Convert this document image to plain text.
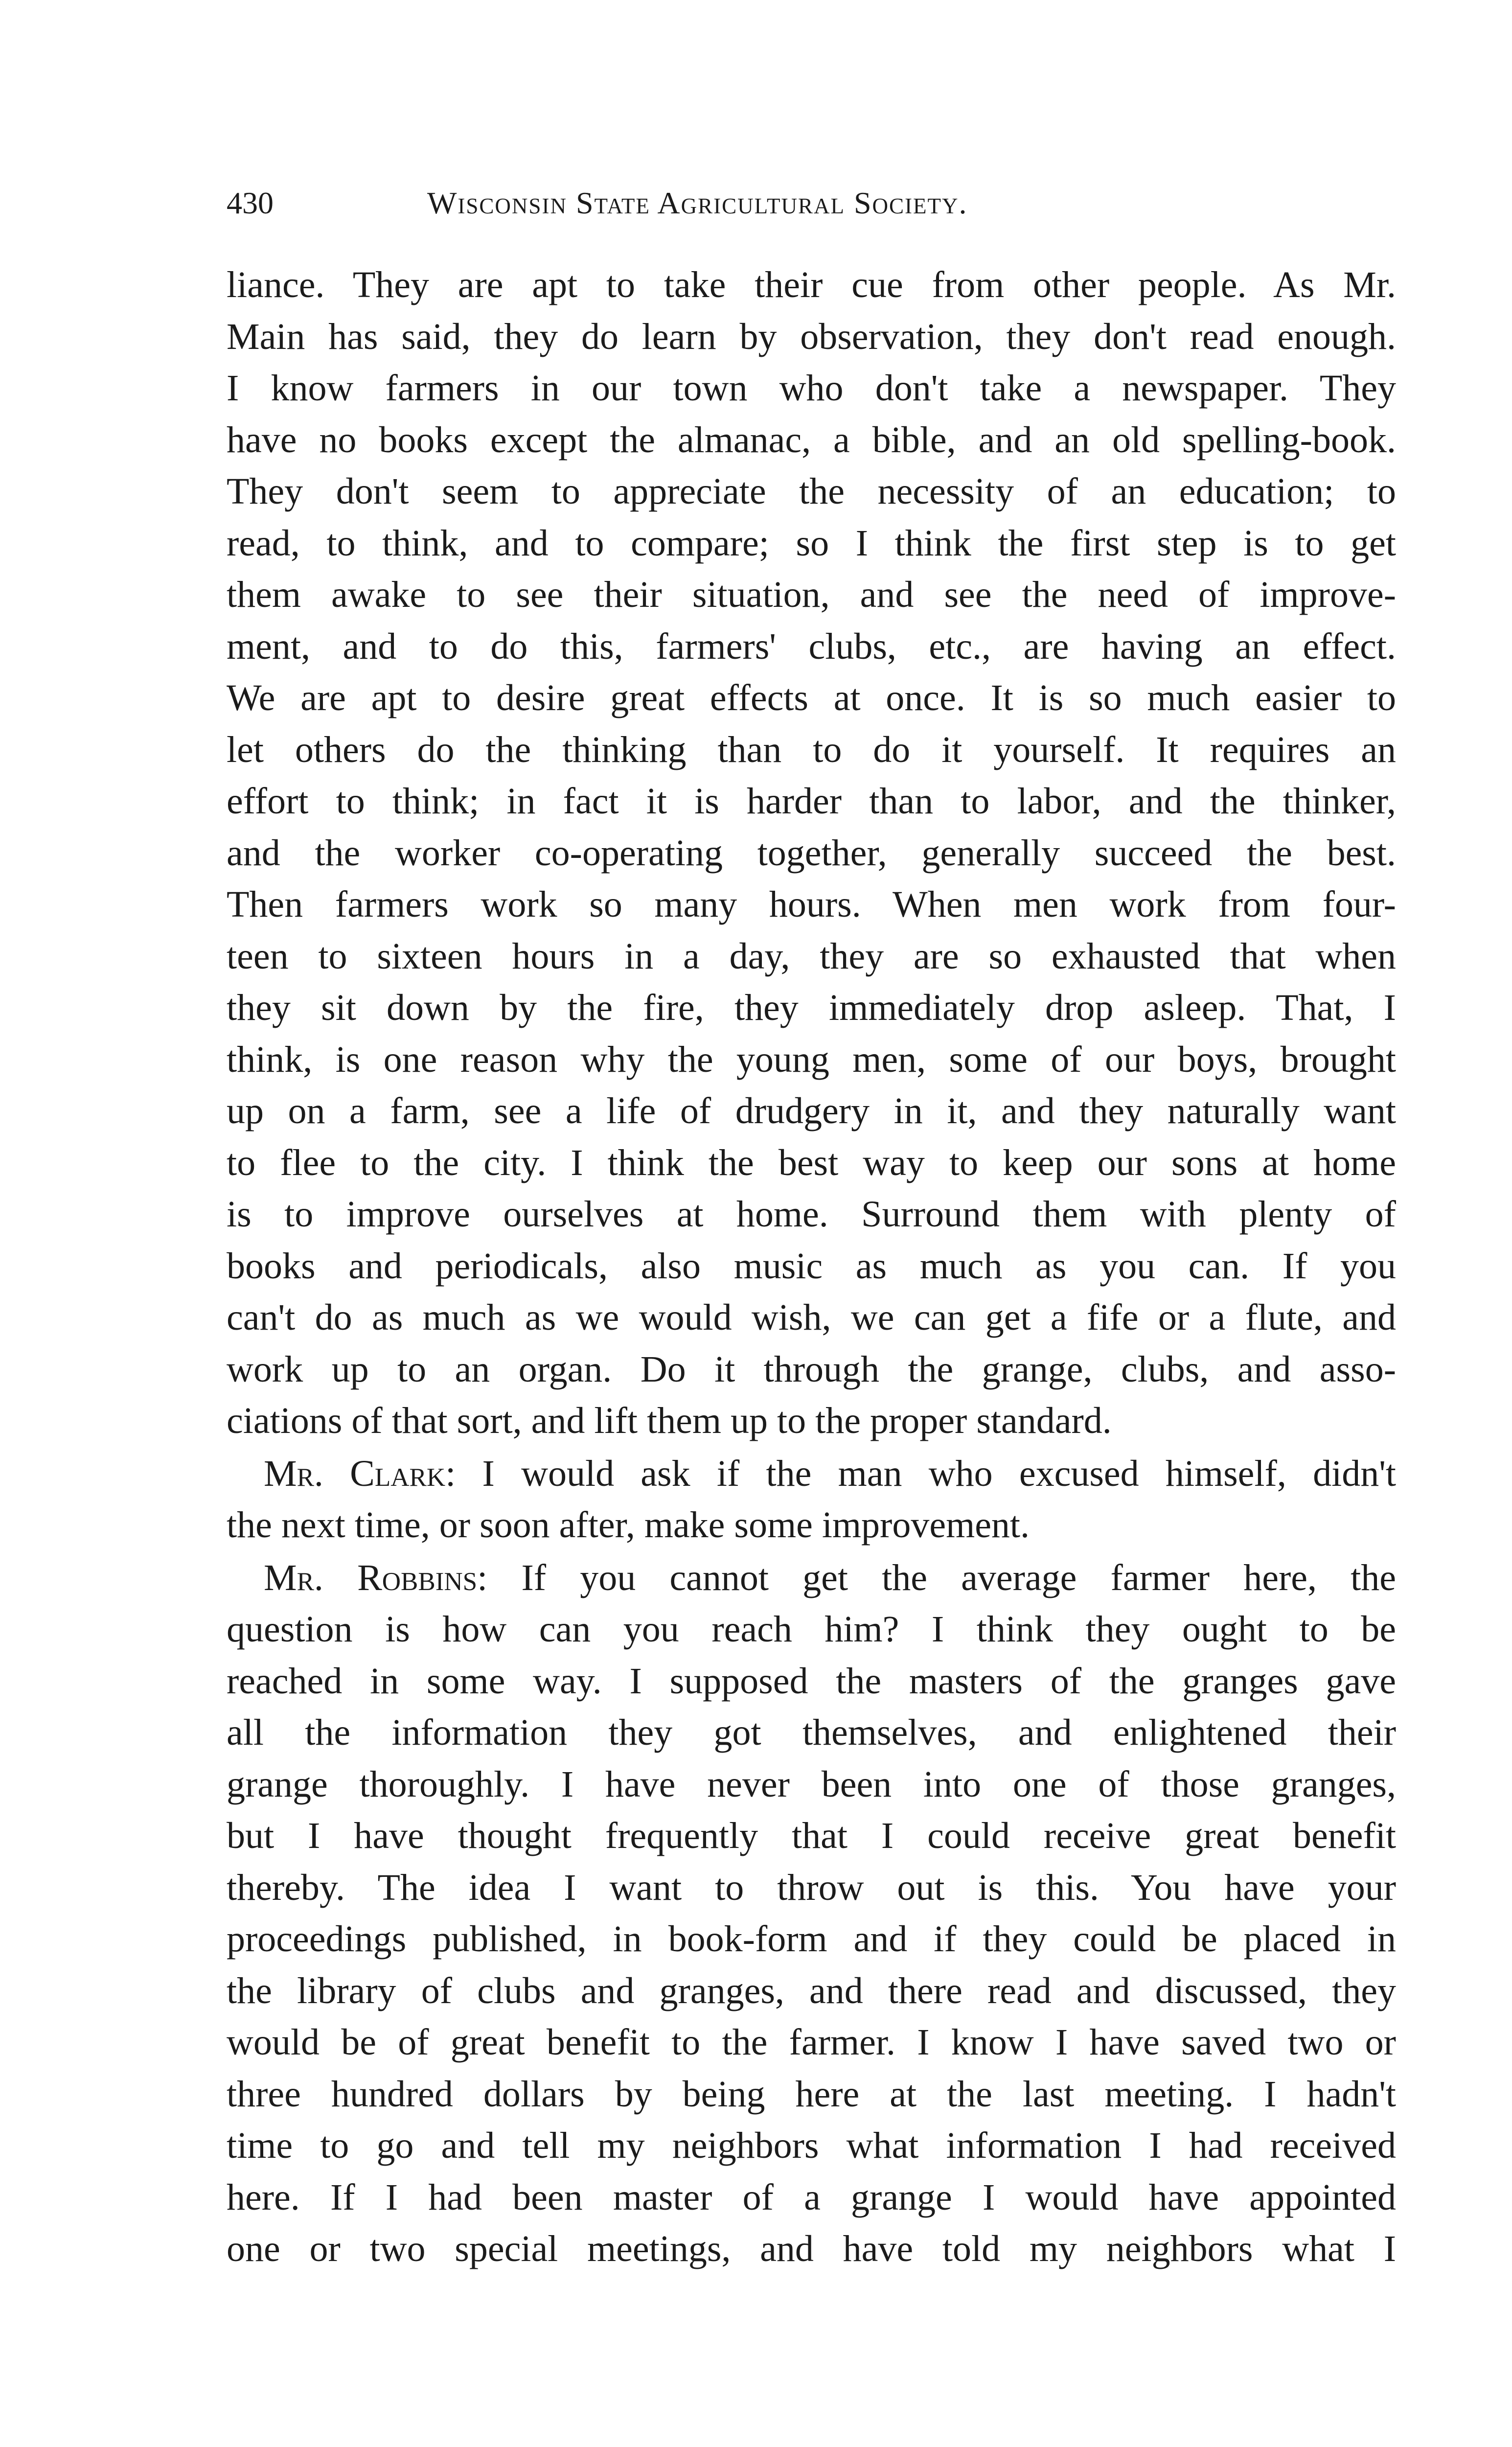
430	Wisconsin State Agricultural Society.
liance. They are apt to take their cue from other people. As Mr.
Main has said, they do learn by observation, they don't read enough.
I know farmers in our town who don't take a newspaper. They
have no books except the almanac, a bible, and an old spelling-book.
They don't seem to appreciate the necessity of an education; to
read, to think, and to compare; so I think the first step is to get
them awake to see their situation, and see the need of improve-
ment, and to do this, farmers' clubs, etc., are having an effect.
We are apt to desire great effects at once. It is so much easier to
let others do the thinking than to do it yourself. It requires an
effort to think; in fact it is harder than to labor, and the thinker,
and the worker co-operating together, generally succeed the best.
Then farmers work so many hours. When men work from four-
teen to sixteen hours in a day, they are so exhausted that when
they sit down by the fire, they immediately drop asleep. That, I
think, is one reason why the young men, some of our boys, brought
up on a farm, see a life of drudgery in it, and they naturally want
to flee to the city. I think the best way to keep our sons at home
is to improve ourselves at home. Surround them with plenty of
books and periodicals, also music as much as you can. If you
can't do as much as we would wish, we can get a fife or a flute, and
work up to an organ. Do it through the grange, clubs, and asso-
ciations of that sort, and lift them up to the proper standard.
Mr. Clark: I would ask if the man who excused himself, didn't
the next time, or soon after, make some improvement.
Mr. Robbins: If you cannot get the average farmer here, the
question is how can you reach him? I think they ought to be
reached in some way. I supposed the masters of the granges gave
all the information they got themselves, and enlightened their
grange thoroughly. I have never been into one of those granges,
but I have thought frequently that I could receive great benefit
thereby. The idea I want to throw out is this. You have your
proceedings published, in book-form and if they could be placed in
the library of clubs and granges, and there read and discussed, they
would be of great benefit to the farmer. I know I have saved two or
three hundred dollars by being here at the last meeting. I hadn't
time to go and tell my neighbors what information I had received
here. If I had been master of a grange I would have appointed
one or two special meetings, and have told my neighbors what I
